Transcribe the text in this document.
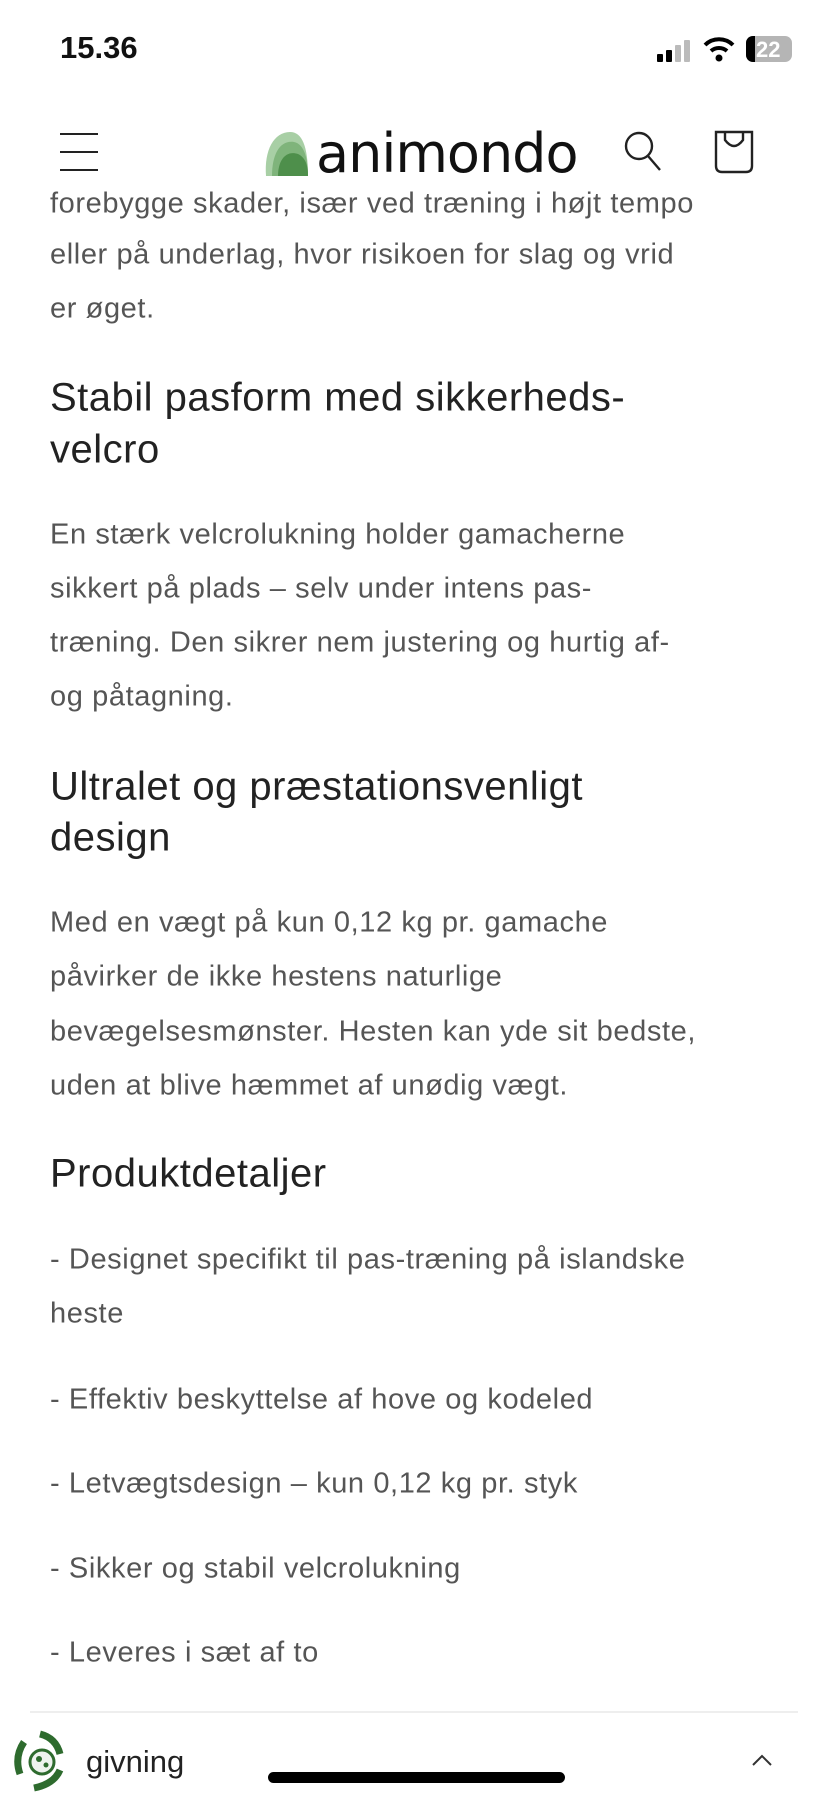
15.36	22
animondo
forebygge skader, især ved træning i højt tempo
eller på underlag, hvor risikoen for slag og vrid
er øget.
Stabil pasform med sikkerheds-
velcro
En stærk velcrolukning holder gamacherne
sikkert på plads – selv under intens pas-
træning. Den sikrer nem justering og hurtig af-
og påtagning.
Ultralet og præstationsvenligt
design
Med en vægt på kun 0,12 kg pr. gamache
påvirker de ikke hestens naturlige
bevægelsesmønster. Hesten kan yde sit bedste,
uden at blive hæmmet af unødig vægt.
Produktdetaljer
- Designet specifikt til pas-træning på islandske
heste
- Effektiv beskyttelse af hove og kodeled
- Letvægtsdesign – kun 0,12 kg pr. styk
- Sikker og stabil velcrolukning
- Leveres i sæt af to
givning
